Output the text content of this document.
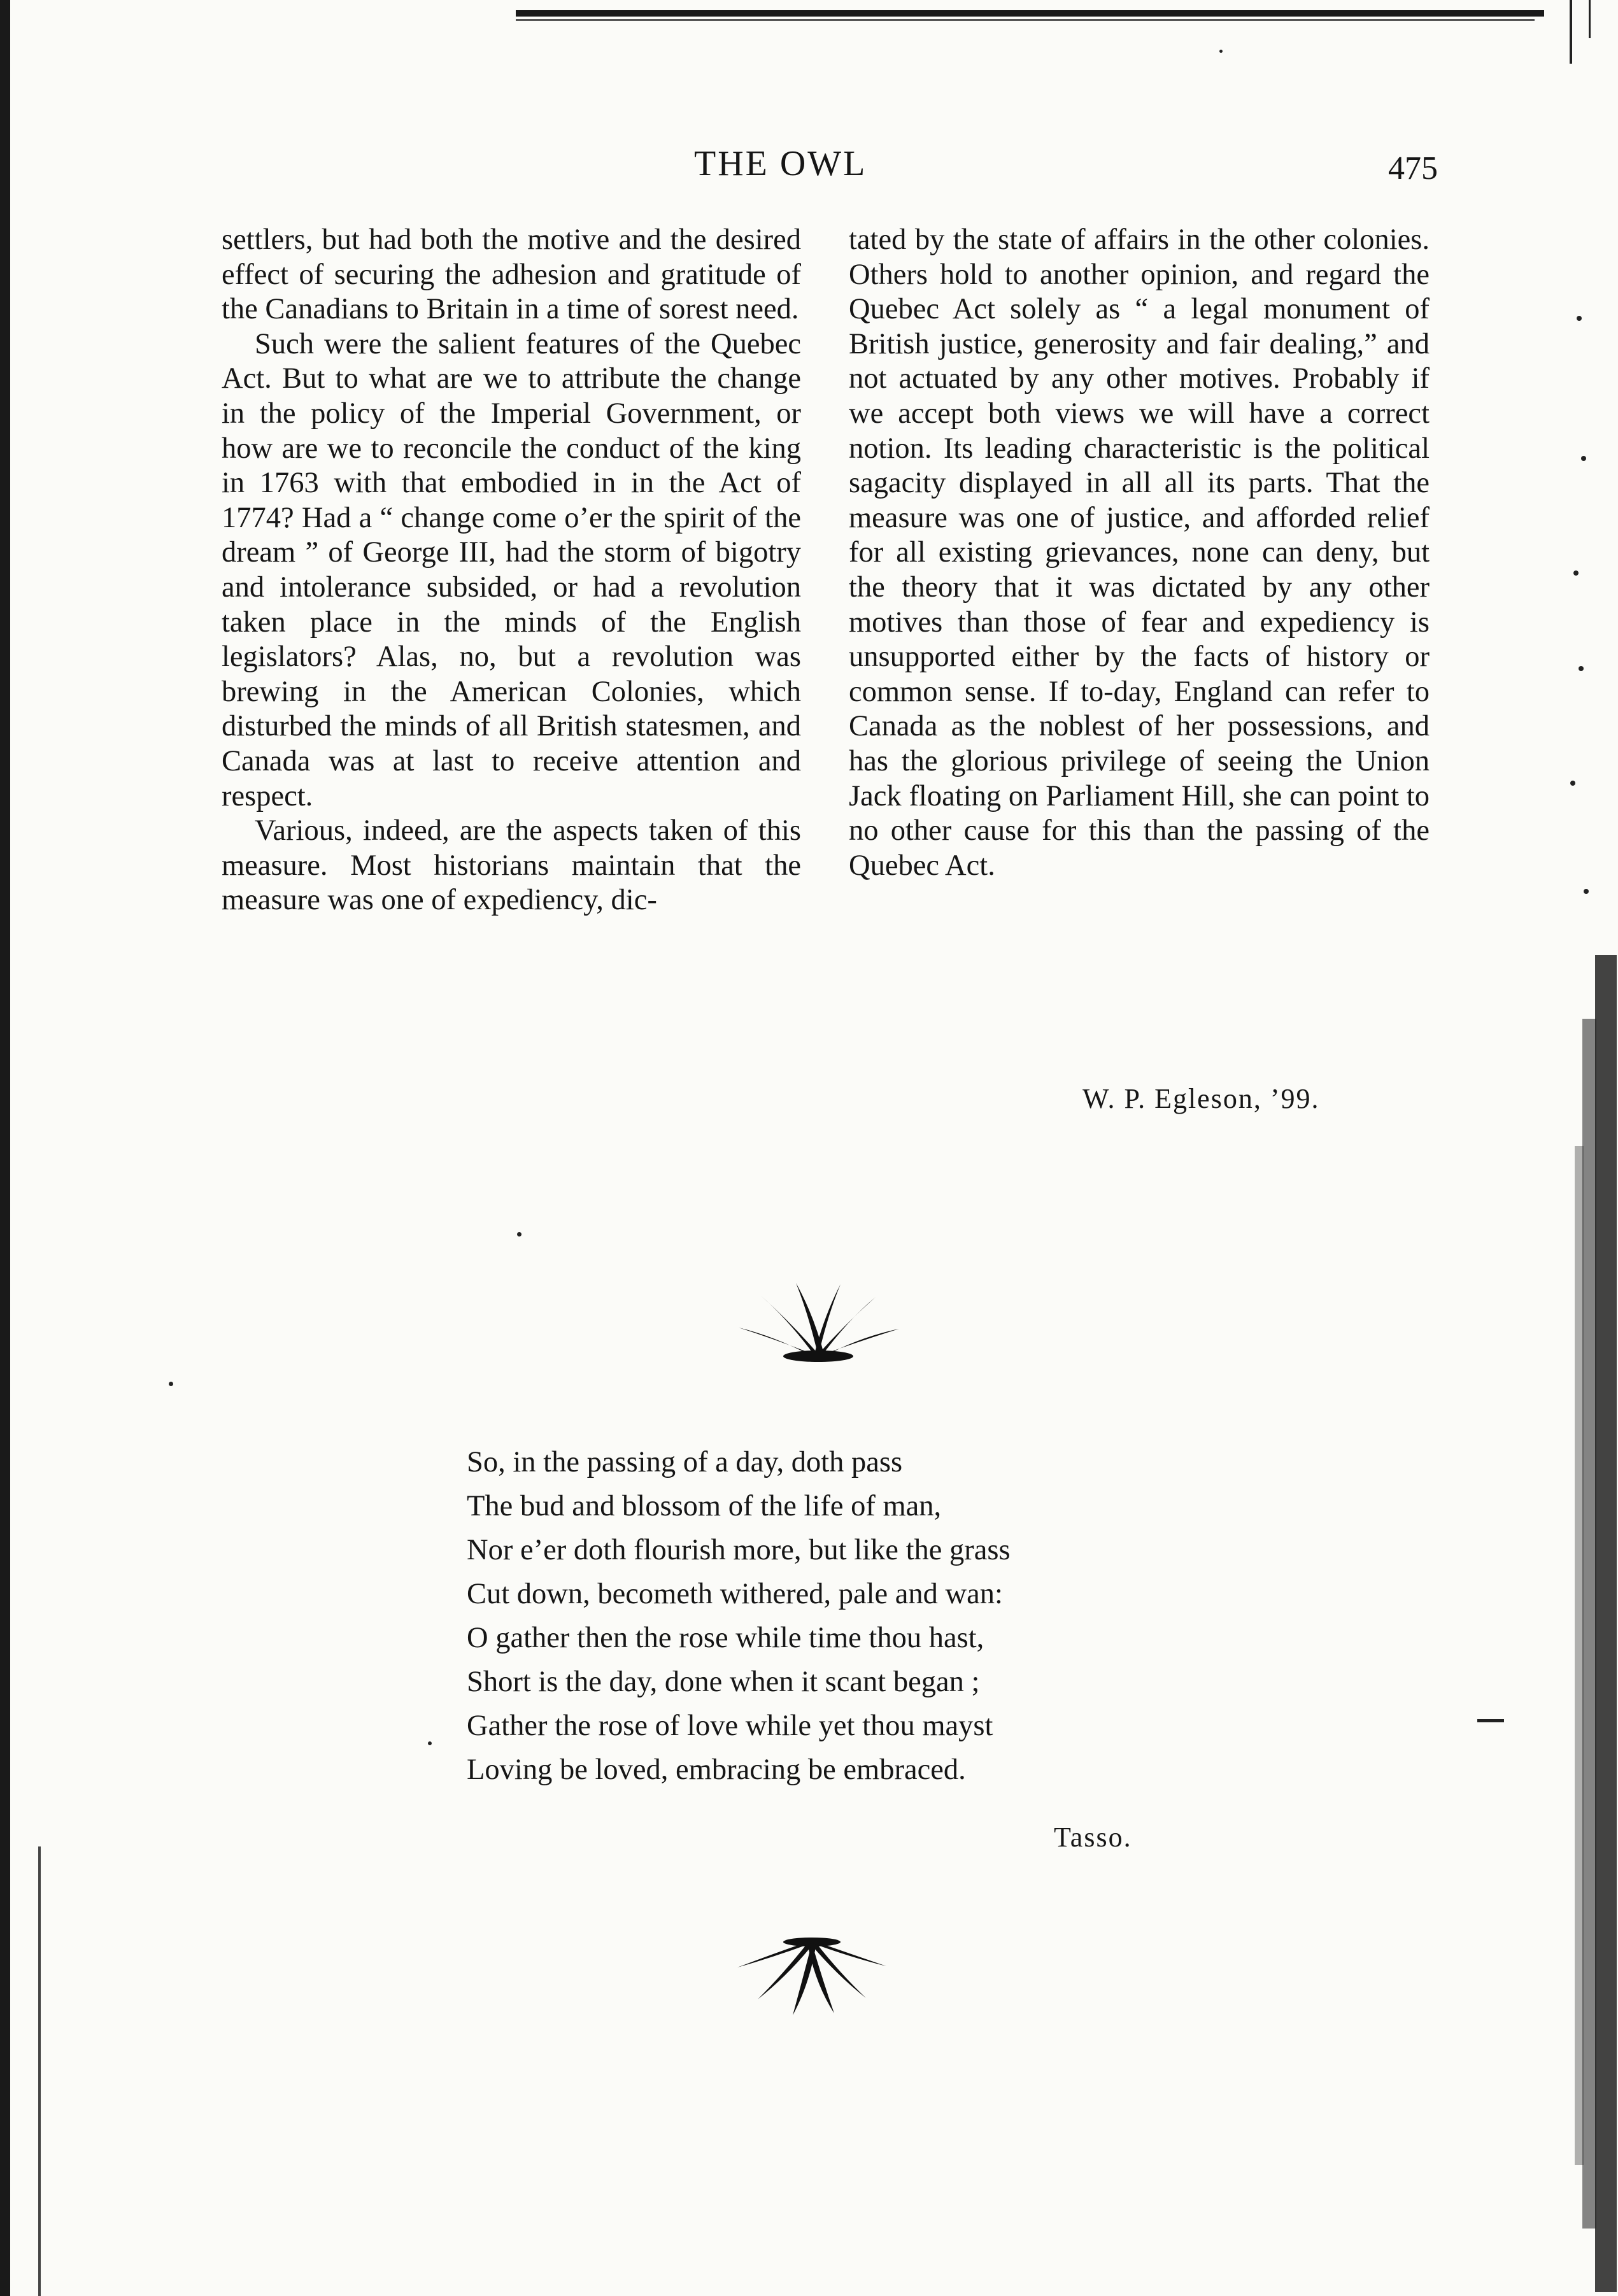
THE OWL	475

settlers, but had both the motive and the desired effect of securing the adhesion and gratitude of the Canadians to Britain in a time of sorest need.

Such were the salient features of the Quebec Act. But to what are we to attribute the change in the policy of the Imperial Government, or how are we to reconcile the conduct of the king in 1763 with that embodied in in the Act of 1774? Had a “ change come o’er the spirit of the dream ” of George III, had the storm of bigotry and intolerance subsided, or had a revolution taken place in the minds of the English legislators? Alas, no, but a revolution was brewing in the American Colonies, which disturbed the minds of all British statesmen, and Canada was at last to receive attention and respect.

Various, indeed, are the aspects taken of this measure. Most historians maintain that the measure was one of expediency, dic-

tated by the state of affairs in the other colonies. Others hold to another opinion, and regard the Quebec Act solely as “ a legal monument of British justice, generosity and fair dealing,” and not actuated by any other motives. Probably if we accept both views we will have a correct notion. Its leading characteristic is the political sagacity displayed in all all its parts. That the measure was one of justice, and afforded relief for all existing grievances, none can deny, but the theory that it was dictated by any other motives than those of fear and expediency is unsupported either by the facts of history or common sense. If to-day, England can refer to Canada as the noblest of her possessions, and has the glorious privilege of seeing the Union Jack floating on Parliament Hill, she can point to no other cause for this than the passing of the Quebec Act.

W. P. Egleson, ’99.
So, in the passing of a day, doth pass
The bud and blossom of the life of man,
Nor e’er doth flourish more, but like the grass
Cut down, becometh withered, pale and wan:
O gather then the rose while time thou hast,
Short is the day, done when it scant began ;
Gather the rose of love while yet thou mayst
Loving be loved, embracing be embraced.
Tasso.
